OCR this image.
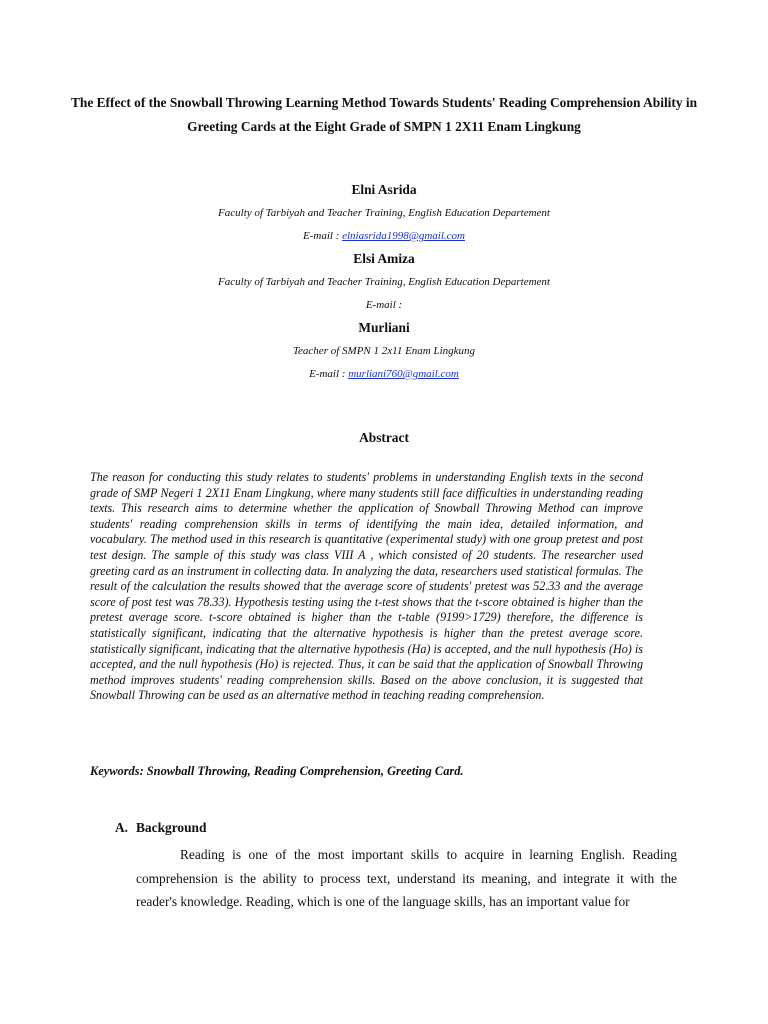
The Effect of the Snowball Throwing Learning Method Towards Students' Reading Comprehension Ability in Greeting Cards at the Eight Grade of SMPN 1 2X11 Enam Lingkung
Elni Asrida
Faculty of Tarbiyah and Teacher Training, English Education Departement
E-mail : elniasrida1998@gmail.com
Elsi Amiza
Faculty of Tarbiyah and Teacher Training, English Education Departement
E-mail :
Murliani
Teacher of SMPN 1 2x11 Enam Lingkung
E-mail : murliani760@gmail.com
Abstract

The reason for conducting this study relates to students' problems in understanding English texts in the second grade of SMP Negeri 1 2X11 Enam Lingkung, where many students still face difficulties in understanding reading texts. This research aims to determine whether the application of Snowball Throwing Method can improve students' reading comprehension skills in terms of identifying the main idea, detailed information, and vocabulary. The method used in this research is quantitative (experimental study) with one group pretest and post test design. The sample of this study was class VIII A , which consisted of 20 students. The researcher used greeting card as an instrument in collecting data. In analyzing the data, researchers used statistical formulas. The result of the calculation the results showed that the average score of students' pretest was 52.33 and the average score of post test was 78.33). Hypothesis testing using the t-test shows that the t-score obtained is higher than the pretest average score. t-score obtained is higher than the t-table (9199>1729) therefore, the difference is statistically significant, indicating that the alternative hypothesis is higher than the pretest average score. statistically significant, indicating that the alternative hypothesis (Ha) is accepted, and the null hypothesis (Ho) is accepted, and the null hypothesis (Ho) is rejected. Thus, it can be said that the application of Snowball Throwing method improves students' reading comprehension skills. Based on the above conclusion, it is suggested that Snowball Throwing can be used as an alternative method in teaching reading comprehension.

Keywords: Snowball Throwing, Reading Comprehension, Greeting Card.

A. Background

Reading is one of the most important skills to acquire in learning English. Reading comprehension is the ability to process text, understand its meaning, and integrate it with the reader's knowledge. Reading, which is one of the language skills, has an important value for
